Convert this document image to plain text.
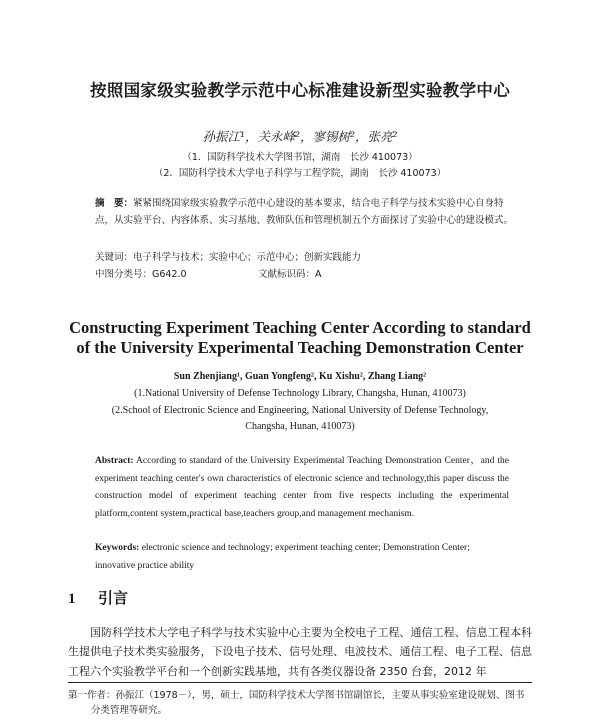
按照国家级实验教学示范中心标准建设新型实验教学中心
孙振江¹，关永峰²，寥锡树²，张亮²
（1．国防科学技术大学图书馆，湖南　长沙 410073）
（2．国防科学技术大学电子科学与工程学院，湖南　长沙 410073）
摘　要：紧紧围绕国家级实验教学示范中心建设的基本要求，结合电子科学与技术实验中心自身特点，从实验平台、内容体系、实习基地、教师队伍和管理机制五个方面探讨了实验中心的建设模式。
关键词：电子科学与技术；实验中心；示范中心；创新实践能力
中图分类号：G642.0	文献标识码：A
Constructing Experiment Teaching Center According to standard
of the University Experimental Teaching Demonstration Center
Sun Zhenjiang¹, Guan Yongfeng², Ku Xishu², Zhang Liang²
(1.National University of Defense Technology Library, Changsha, Hunan, 410073)
(2.School of Electronic Science and Engineering, National University of Defense Technology,
Changsha, Hunan, 410073)
Abstract: According to standard of the University Experimental Teaching Demonstration Center，and the experiment teaching center's own characteristics of electronic science and technology,this paper discuss the construction model of experiment teaching center from five respects including the experimental platform,content system,practical base,teachers group,and management mechanism.
Keywords: electronic science and technology; experiment teaching center; Demonstration Center; innovative practice ability
1 引言
国防科学技术大学电子科学与技术实验中心主要为全校电子工程、通信工程、信息工程本科生提供电子技术类实验服务，下设电子技术、信号处理、电波技术、通信工程、电子工程、信息工程六个实验教学平台和一个创新实践基地，共有各类仪器设备 2350 台套，2012 年
第一作者：孙振江（1978－），男，硕士，国防科学技术大学图书馆副馆长，主要从事实验室建设规划、图书
分类管理等研究。
